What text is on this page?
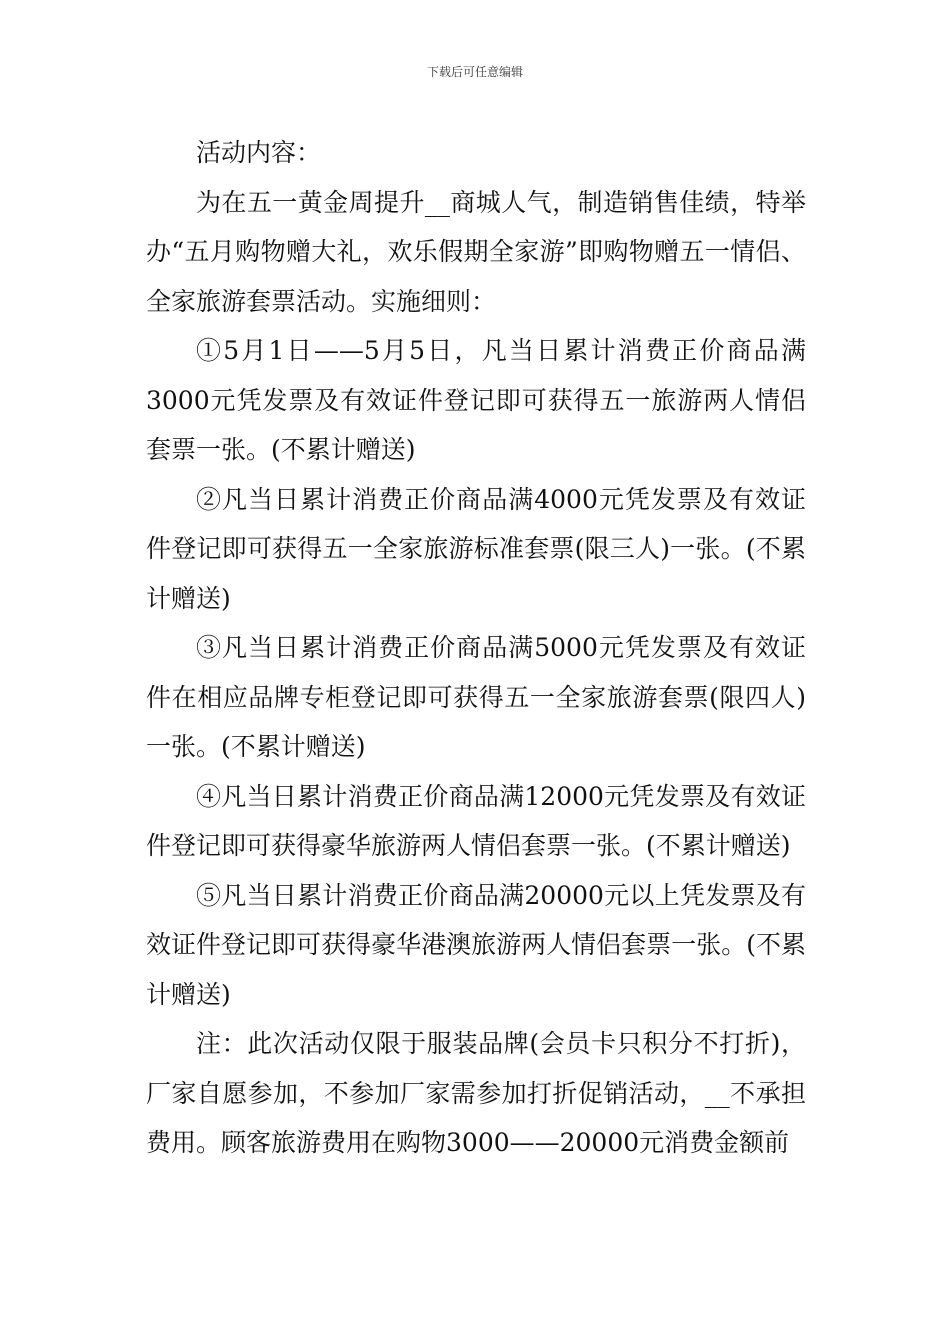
下载后可任意编辑

活动内容：

为在五一黄金周提升__商城人气，制造销售佳绩，特举办“五月购物赠大礼，欢乐假期全家游”即购物赠五一情侣、全家旅游套票活动。实施细则：

①5月1日——5月5日，凡当日累计消费正价商品满3000元凭发票及有效证件登记即可获得五一旅游两人情侣套票一张。(不累计赠送)

②凡当日累计消费正价商品满4000元凭发票及有效证件登记即可获得五一全家旅游标准套票(限三人)一张。(不累计赠送)

③凡当日累计消费正价商品满5000元凭发票及有效证件在相应品牌专柜登记即可获得五一全家旅游套票(限四人)一张。(不累计赠送)

④凡当日累计消费正价商品满12000元凭发票及有效证件登记即可获得豪华旅游两人情侣套票一张。(不累计赠送)

⑤凡当日累计消费正价商品满20000元以上凭发票及有效证件登记即可获得豪华港澳旅游两人情侣套票一张。(不累计赠送)

注：此次活动仅限于服装品牌(会员卡只积分不打折)，厂家自愿参加，不参加厂家需参加打折促销活动，__不承担费用。顾客旅游费用在购物3000——20000元消费金额前
